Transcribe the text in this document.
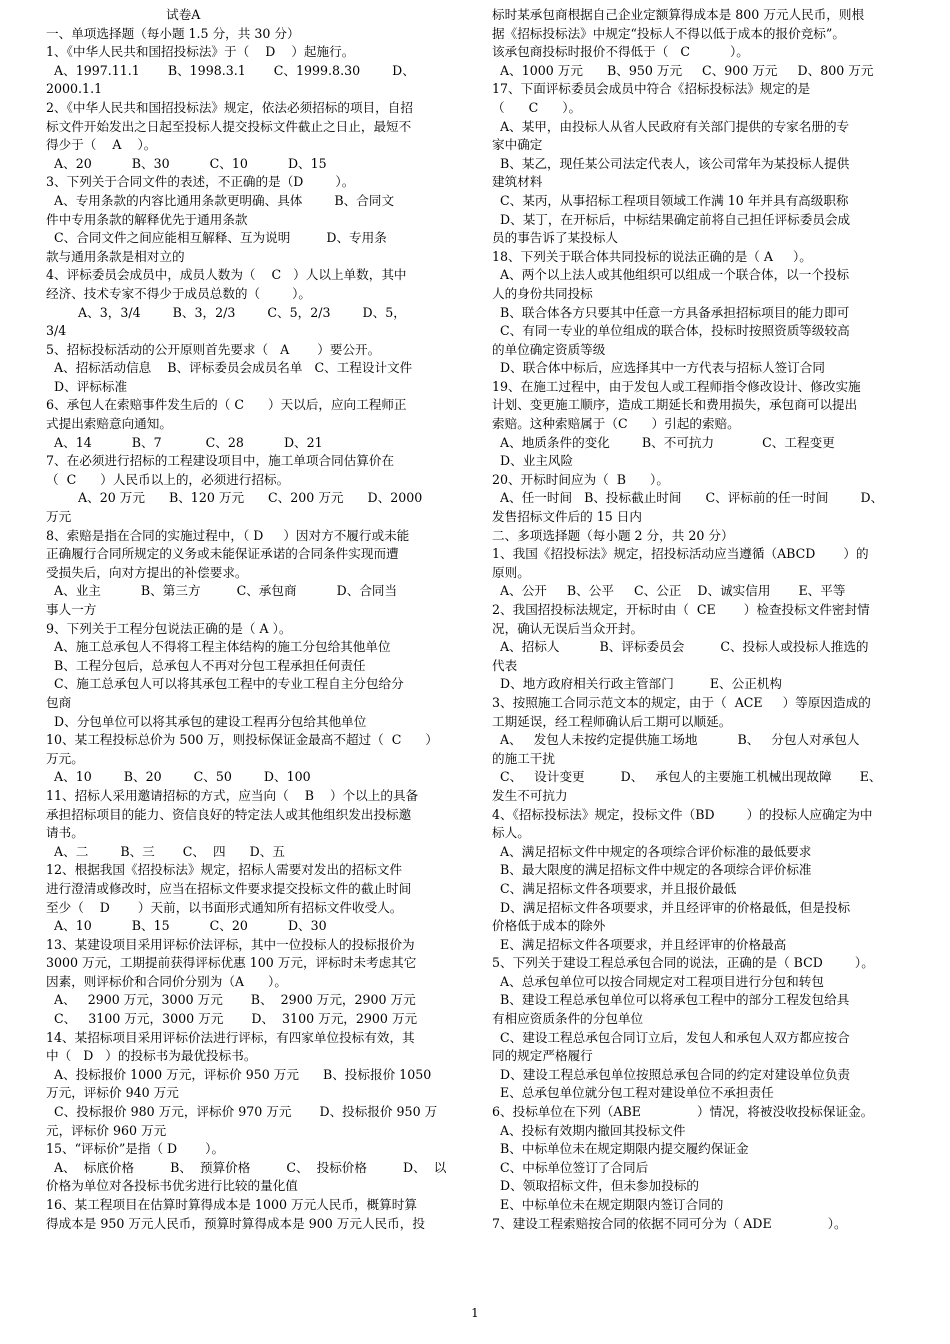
试卷A
一、单项选择题（每小题 1.5 分，共 30 分）
1、《中华人民共和国招投标法》于（    D    ）起施行。
A、1997.11.1       B、1998.3.1       C、1999.8.30        D、
2000.1.1
2、《中华人民共和国招投标法》规定，依法必须招标的项目，自招
标文件开始发出之日起至投标人提交投标文件截止之日止，最短不
得少于（    A    ）。
A、20          B、30          C、10          D、15
3、下列关于合同文件的表述，不正确的是（D        ）。
A、专用条款的内容比通用条款更明确、具体        B、合同文
件中专用条款的解释优先于通用条款
C、合同文件之间应能相互解释、互为说明         D、专用条
款与通用条款是相对立的
4、评标委员会成员中，成员人数为（    C   ）人以上单数，其中
经济、技术专家不得少于成员总数的（        ）。
A、3，3/4        B、3，2/3        C、5，2/3        D、5，
3/4
5、招标投标活动的公开原则首先要求（   A       ）要公开。
A、招标活动信息    B、评标委员会成员名单   C、工程设计文件
D、评标标准
6、承包人在索赔事件发生后的（ C      ）天以后，应向工程师正
式提出索赔意向通知。
A、14          B、7           C、28          D、21
7、在必须进行招标的工程建设项目中，施工单项合同估算价在
（  C      ）人民币以上的，必须进行招标。
A、20 万元      B、120 万元      C、200 万元      D、2000
万元
8、索赔是指在合同的实施过程中，（ D     ）因对方不履行或未能
正确履行合同所规定的义务或未能保证承诺的合同条件实现而遭
受损失后，向对方提出的补偿要求。
A、业主          B、第三方         C、承包商          D、合同当
事人一方
9、下列关于工程分包说法正确的是（ A ）。
A、施工总承包人不得将工程主体结构的施工分包给其他单位
B、工程分包后，总承包人不再对分包工程承担任何责任
C、施工总承包人可以将其承包工程中的专业工程自主分包给分
包商
D、分包单位可以将其承包的建设工程再分包给其他单位
10、某工程投标总价为 500 万，则投标保证金最高不超过（  C      ）
万元。
A、10        B、20        C、50        D、100
11、招标人采用邀请招标的方式，应当向（    B    ）个以上的具备
承担招标项目的能力、资信良好的特定法人或其他组织发出投标邀
请书。
A、二        B、三       C、  四      D、五
12、根据我国《招投标法》规定，招标人需要对发出的招标文件
进行澄清或修改时，应当在招标文件要求提交投标文件的截止时间
至少（    D       ）天前，以书面形式通知所有招标文件收受人。
A、10          B、15          C、20          D、30
13、某建设项目采用评标价法评标，其中一位投标人的投标报价为
3000 万元，工期提前获得评标优惠 100 万元，评标时未考虑其它
因素，则评标价和合同价分别为（A      ）。
A、   2900 万元，3000 万元       B、  2900 万元，2900 万元
C、   3100 万元，3000 万元       D、  3100 万元，2900 万元
14、某招标项目采用评标价法进行评标，有四家单位投标有效，其
中（   D   ）的投标书为最优投标书。
A、投标报价 1000 万元，评标价 950 万元      B、投标报价 1050
万元，评标价 940 万元
C、投标报价 980 万元，评标价 970 万元       D、投标报价 950 万
元，评标价 960 万元
15、“评标价”是指（ D       ）。
A、  标底价格         B、  预算价格         C、  投标价格         D、  以
价格为单位对各投标书优劣进行比较的量化值
16、某工程项目在估算时算得成本是 1000 万元人民币，概算时算
得成本是 950 万元人民币，预算时算得成本是 900 万元人民币，投
标时某承包商根据自己企业定额算得成本是 800 万元人民币，则根
据《招标投标法》中规定“投标人不得以低于成本的报价竞标”。
该承包商投标时报价不得低于（   C          ）。
A、1000 万元      B、950 万元     C、900 万元     D、800 万元
17、下面评标委员会成员中符合《招标投标法》规定的是
（      C      ）。
A、某甲，由投标人从省人民政府有关部门提供的专家名册的专
家中确定
B、某乙，现任某公司法定代表人，该公司常年为某投标人提供
建筑材料
C、某丙，从事招标工程项目领域工作满 10 年并具有高级职称
D、某丁，在开标后，中标结果确定前将自己担任评标委员会成
员的事告诉了某投标人
18、下列关于联合体共同投标的说法正确的是（ A     ）。
A、两个以上法人或其他组织可以组成一个联合体，以一个投标
人的身份共同投标
B、联合体各方只要其中任意一方具备承担招标项目的能力即可
C、有同一专业的单位组成的联合体，投标时按照资质等级较高
的单位确定资质等级
D、联合体中标后，应选择其中一方代表与招标人签订合同
19、在施工过程中，由于发包人或工程师指令修改设计、修改实施
计划、变更施工顺序，造成工期延长和费用损失，承包商可以提出
索赔。这种索赔属于（C      ）引起的索赔。
A、地质条件的变化        B、不可抗力            C、工程变更
D、业主风险
20、开标时间应为（  B      ）。
A、任一时间   B、投标截止时间      C、评标前的任一时间        D、
发售招标文件后的 15 日内
二、多项选择题（每小题 2 分，共 20 分）
1、我国《招投标法》规定，招投标活动应当遵循（ABCD       ）的
原则。
A、公开     B、公平     C、公正    D、诚实信用       E、平等
2、我国招投标法规定，开标时由（  CE       ）检查投标文件密封情
况，确认无误后当众开封。
A、招标人          B、评标委员会         C、投标人或投标人推选的
代表
D、地方政府相关行政主管部门         E、公正机构
3、按照施工合同示范文本的规定，由于（  ACE     ）等原因造成的
工期延误，经工程师确认后工期可以顺延。
A、   发包人未按约定提供施工场地          B、   分包人对承包人
的施工干扰
C、   设计变更         D、   承包人的主要施工机械出现故障       E、
发生不可抗力
4、《招标投标法》规定，投标文件（BD        ）的投标人应确定为中
标人。
A、满足招标文件中规定的各项综合评价标准的最低要求
B、最大限度的满足招标文件中规定的各项综合评价标准
C、满足招标文件各项要求，并且报价最低
D、满足招标文件各项要求，并且经评审的价格最低，但是投标
价格低于成本的除外
E、满足招标文件各项要求，并且经评审的价格最高
5、下列关于建设工程总承包合同的说法，正确的是（ BCD        ）。
A、总承包单位可以按合同规定对工程项目进行分包和转包
B、建设工程总承包单位可以将承包工程中的部分工程发包给具
有相应资质条件的分包单位
C、建设工程总承包合同订立后，发包人和承包人双方都应按合
同的规定严格履行
D、建设工程总承包单位按照总承包合同的约定对建设单位负责
E、总承包单位就分包工程对建设单位不承担责任
6、投标单位在下列（ABE              ）情况，将被没收投标保证金。
A、投标有效期内撤回其投标文件
B、中标单位未在规定期限内提交履约保证金
C、中标单位签订了合同后
D、领取招标文件，但未参加投标的
E、中标单位未在规定期限内签订合同的
7、建设工程索赔按合同的依据不同可分为（ ADE              ）。
1
